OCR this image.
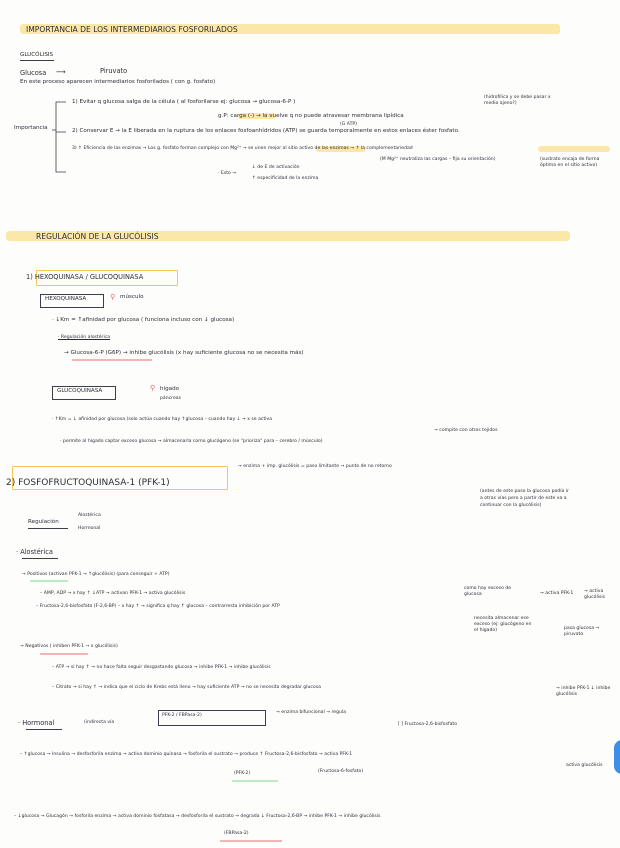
IMPORTANCIA DE LOS INTERMEDIARIOS FOSFORILADOS
GLUCÓLISIS
Glucosa ⟶	Piruvato
En este proceso aparecen intermediarios fosforilados ( con g. fosfato)
Importancia
1) Evitar q glucosa salga de la célula ( al fosforilarse ej: glucosa → glucosa-6-P )
(hidrofílica y se debe pasar x medio ajeno?)
g.P: carga (-) → la vuelve q no puede atravesar membrana lipídica
2) Conservar E → la E liberada en la ruptura de los enlaces fosfoanhídridos (ATP) se guarda temporalmente en estos enlaces éster fosfato.
(G ATP)
3) ↑ Eficiencia de las enzimas → Los g. fosfato forman complejo con Mg²⁺ → se unen mejor al sitio activo de las enzimas → ↑ la complementariedad
(M Mg²⁺ neutraliza las cargas – fija su orientación)	(sustrato encaja de forma óptima en el sitio activo)
· Esto →
↓ de E de activación
↑ especificidad de la enzima
REGULACIÓN DE LA GLUCÓLISIS
1) HEXOQUINASA / GLUCOQUINASA
HEXOQUINASA	⚲ músculo
· ↓Km = ↑afinidad por glucosa ( funciona incluso con ↓ glucosa)
· Regulación alostérica
→ Glucosa-6-P (G6P) → inhibe glucólisis (x hay suficiente glucosa no se necesita más)
GLUCOQUINASA	⚲ hígado
páncreas
· ↑Km = ↓ afinidad por glucosa (solo actúa cuando hay ↑glucosa – cuando hay ↓ → x se activa
→ compite con otros tejidos
· permite al hígado captar exceso glucosa → almacenarla como glucógeno (se "prioriza" para – cerebro / músculo)
2) FOSFOFRUCTOQUINASA-1 (PFK-1)
→ enzima + imp. glucólisis = paso limitante → punto de no retorno
(antes de este paso la glucosa podía ir a otras vías pero a partir de este va a continuar con la glucólisis)
Regulación
Alostérica
Hormonal
· Alostérica
→ Positivos (activan PFK-1 → ↑glucólisis) (para conseguir + ATP)
– AMP, ADP → x hay ↑ ↓ATP → activan PFK-1 → activa glucólisis
– Fructosa-2,6-bisfosfato (F-2,6-BP) – x hay ↑ → significa q hay ↑ glucosa – contrarresta inhibición por ATP
como hay exceso de glucosa	→ activa PFK-1	→ activa glucólisis
necesita almacenar ese exceso (ej: glucógeno en el hígado)	pasa glucosa → piruvato
→ Negativos ( inhiben PFK-1 → x glucólisis)
– ATP → si hay ↑ → no hace falta seguir desgastando glucosa → inhibe PFK-1 → inhibe glucólisis
– Citrato → si hay ↑ → indica que el ciclo de Krebs está lleno → hay suficiente ATP → no se necesita degradar glucosa	→ inhibe PFK-1 ↓ inhibe glucólisis
· Hormonal	(indirecta vía
PFK-2 / FBPasa-2)
→ enzima bifuncional → regula
[ ] Fructosa-2,6-bisfosfato
– ↑glucosa → Insulina → desfosforila enzima → activa dominio quinasa → fosforila el sustrato → produce ↑ Fructosa-2,6-bisfosfato → activa PFK-1
(PFK-2)	(Fructosa-6-fosfato)
activa glucólisis
– ↓glucosa → Glucagón → fosforila enzima → activa dominio fosfatasa → desfosforila el sustrato → degrada ↓ Fructosa-2,6-BP → inhibe PFK-1 → inhibe glucólisis
(FBPasa-2)
